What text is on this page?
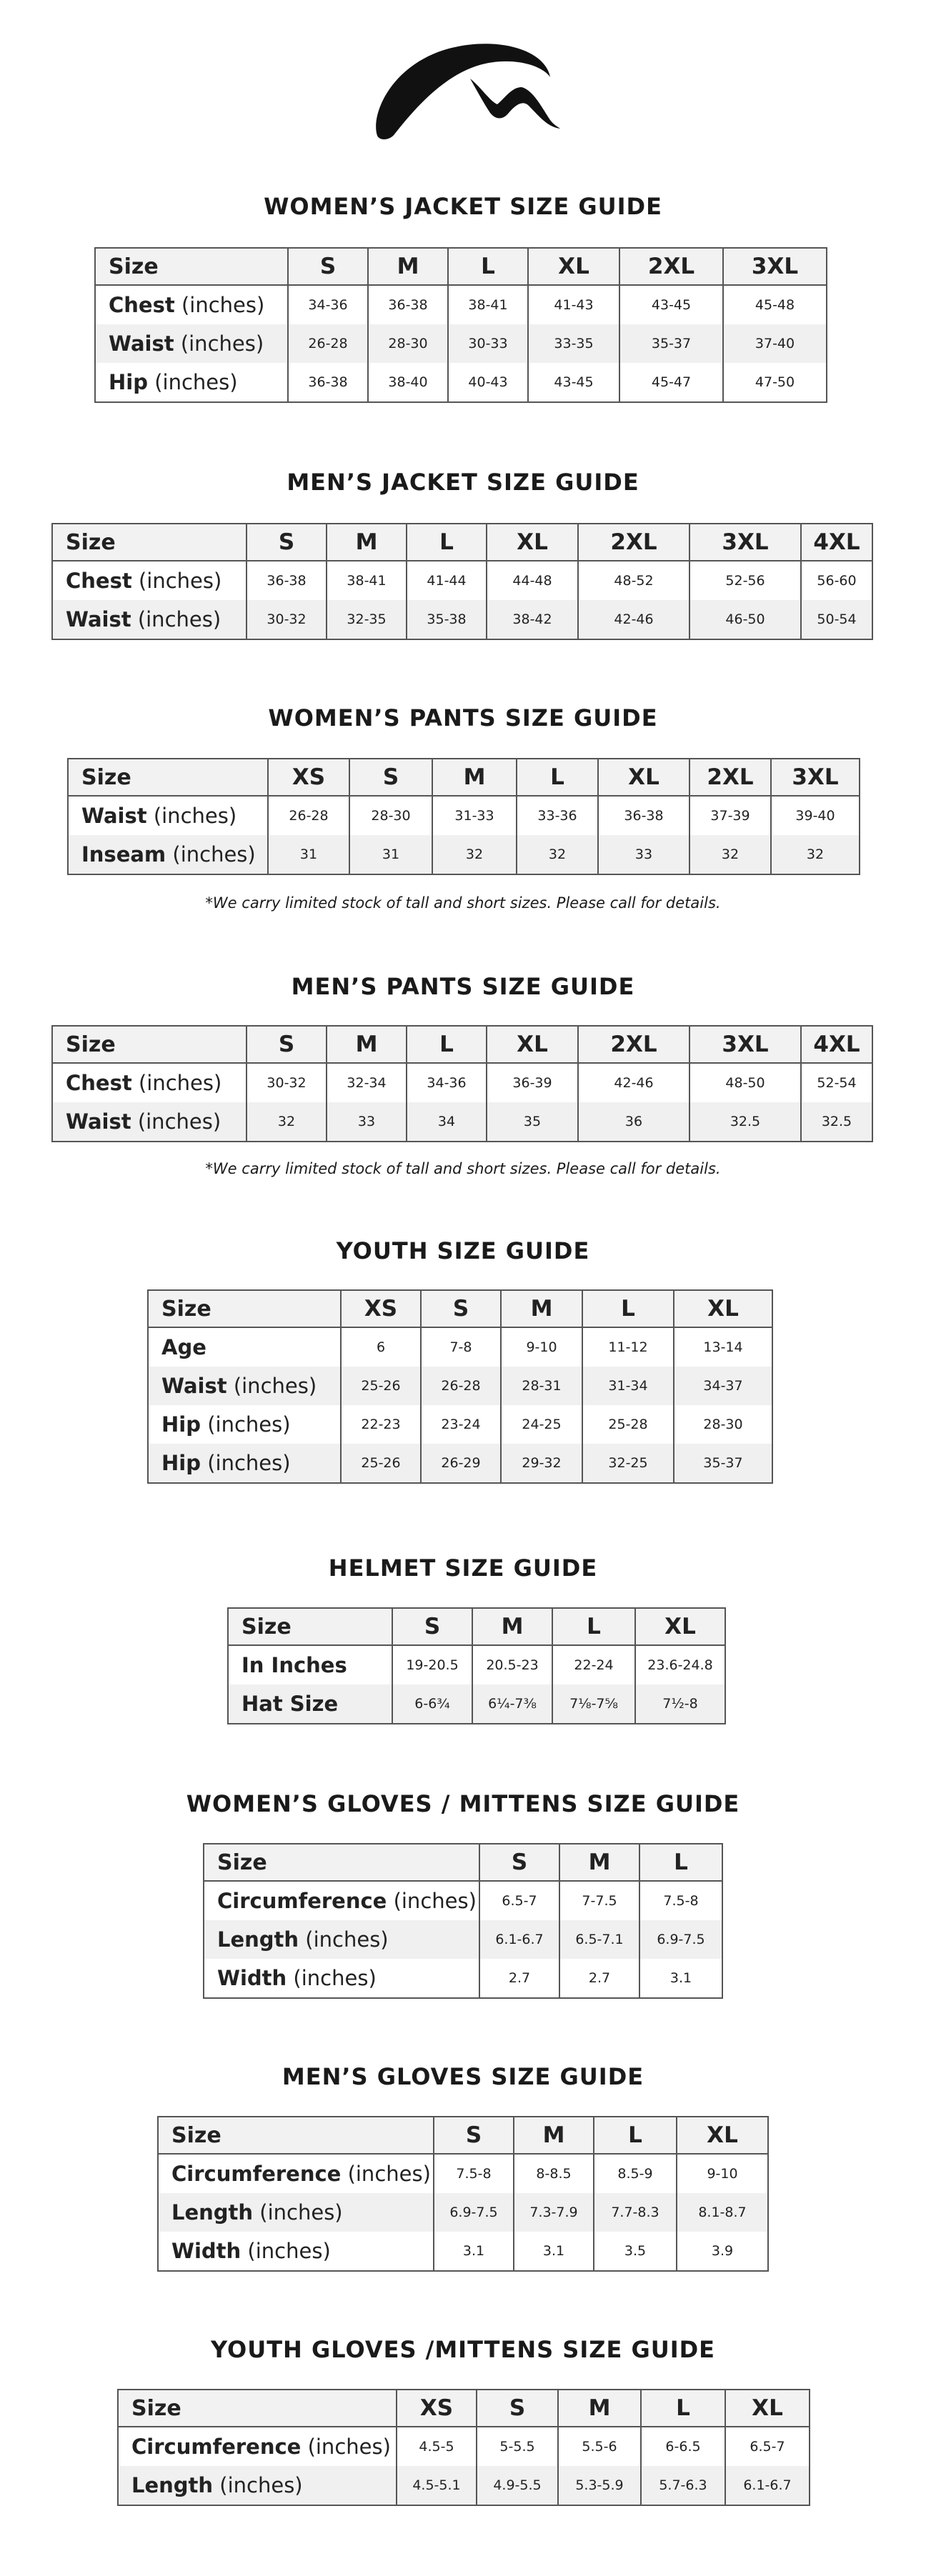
WOMEN’S JACKET SIZE GUIDE
Size	S	M	L	XL	2XL	3XL
Chest (inches)	34-36	36-38	38-41	41-43	43-45	45-48
Waist (inches)	26-28	28-30	30-33	33-35	35-37	37-40
Hip (inches)	36-38	38-40	40-43	43-45	45-47	47-50
MEN’S JACKET SIZE GUIDE
Size	S	M	L	XL	2XL	3XL	4XL
Chest (inches)	36-38	38-41	41-44	44-48	48-52	52-56	56-60
Waist (inches)	30-32	32-35	35-38	38-42	42-46	46-50	50-54
WOMEN’S PANTS SIZE GUIDE
Size	XS	S	M	L	XL	2XL	3XL
Waist (inches)	26-28	28-30	31-33	33-36	36-38	37-39	39-40
Inseam (inches)	31	31	32	32	33	32	32
*We carry limited stock of tall and short sizes. Please call for details.
MEN’S PANTS SIZE GUIDE
Size	S	M	L	XL	2XL	3XL	4XL
Chest (inches)	30-32	32-34	34-36	36-39	42-46	48-50	52-54
Waist (inches)	32	33	34	35	36	32.5	32.5
*We carry limited stock of tall and short sizes. Please call for details.
YOUTH SIZE GUIDE
Size	XS	S	M	L	XL
Age	6	7-8	9-10	11-12	13-14
Waist (inches)	25-26	26-28	28-31	31-34	34-37
Hip (inches)	22-23	23-24	24-25	25-28	28-30
Hip (inches)	25-26	26-29	29-32	32-25	35-37
HELMET SIZE GUIDE
Size	S	M	L	XL
In Inches	19-20.5	20.5-23	22-24	23.6-24.8
Hat Size	6-6¾	6¼-7⅜	7⅛-7⅝	7½-8
WOMEN’S GLOVES / MITTENS SIZE GUIDE
Size	S	M	L
Circumference (inches)	6.5-7	7-7.5	7.5-8
Length (inches)	6.1-6.7	6.5-7.1	6.9-7.5
Width (inches)	2.7	2.7	3.1
MEN’S GLOVES SIZE GUIDE
Size	S	M	L	XL
Circumference (inches)	7.5-8	8-8.5	8.5-9	9-10
Length (inches)	6.9-7.5	7.3-7.9	7.7-8.3	8.1-8.7
Width (inches)	3.1	3.1	3.5	3.9
YOUTH GLOVES /MITTENS SIZE GUIDE
Size	XS	S	M	L	XL
Circumference (inches)	4.5-5	5-5.5	5.5-6	6-6.5	6.5-7
Length (inches)	4.5-5.1	4.9-5.5	5.3-5.9	5.7-6.3	6.1-6.7
